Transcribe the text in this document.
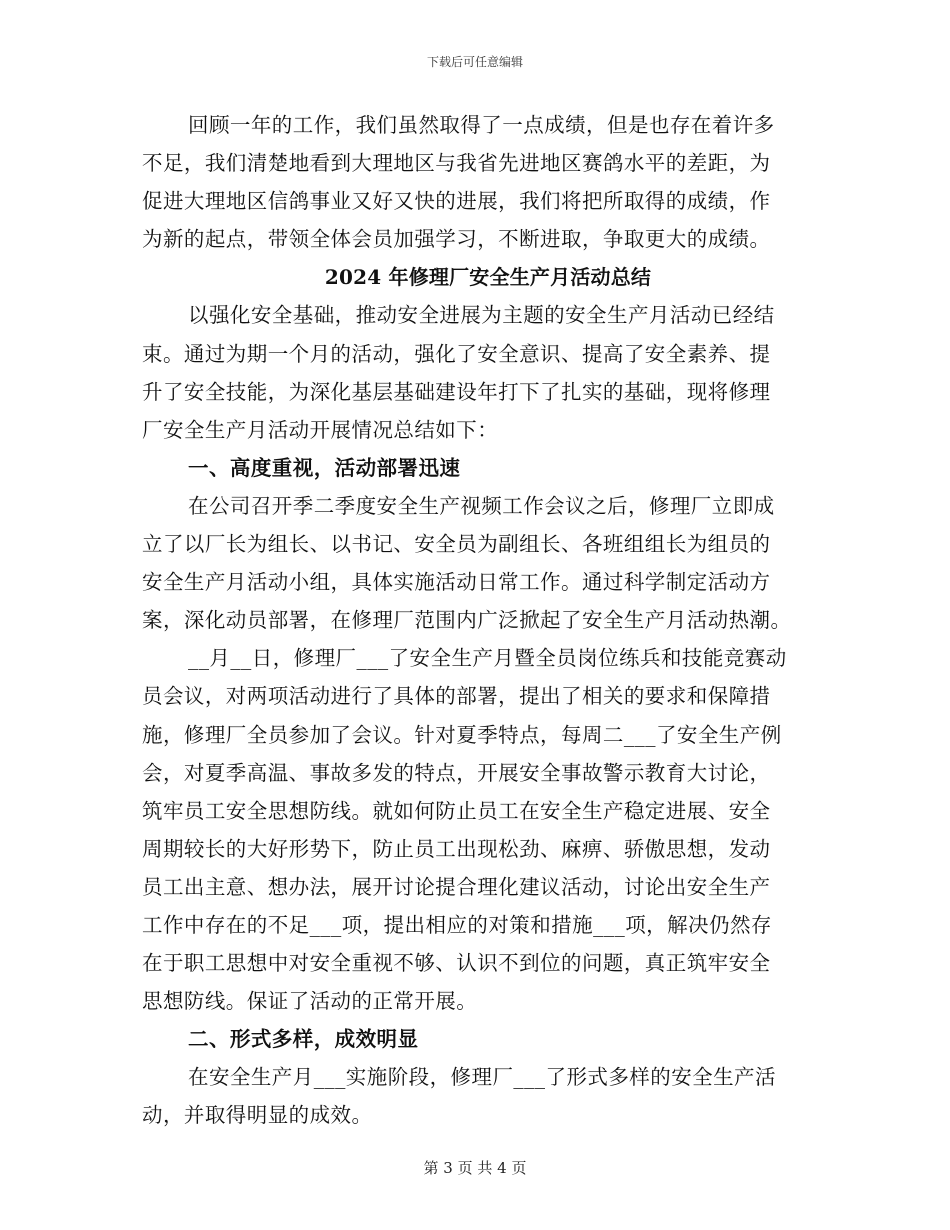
下载后可任意编辑
回顾一年的工作，我们虽然取得了一点成绩，但是也存在着许多
不足，我们清楚地看到大理地区与我省先进地区赛鸽水平的差距，为
促进大理地区信鸽事业又好又快的进展，我们将把所取得的成绩，作
为新的起点，带领全体会员加强学习，不断进取，争取更大的成绩。
2024 年修理厂安全生产月活动总结
以强化安全基础，推动安全进展为主题的安全生产月活动已经结
束。通过为期一个月的活动，强化了安全意识、提高了安全素养、提
升了安全技能，为深化基层基础建设年打下了扎实的基础，现将修理
厂安全生产月活动开展情况总结如下：
一、高度重视，活动部署迅速
在公司召开季二季度安全生产视频工作会议之后，修理厂立即成
立了以厂长为组长、以书记、安全员为副组长、各班组组长为组员的
安全生产月活动小组，具体实施活动日常工作。通过科学制定活动方
案，深化动员部署，在修理厂范围内广泛掀起了安全生产月活动热潮。
__月__日，修理厂___了安全生产月暨全员岗位练兵和技能竞赛动
员会议，对两项活动进行了具体的部署，提出了相关的要求和保障措
施，修理厂全员参加了会议。针对夏季特点，每周二___了安全生产例
会，对夏季高温、事故多发的特点，开展安全事故警示教育大讨论，
筑牢员工安全思想防线。就如何防止员工在安全生产稳定进展、安全
周期较长的大好形势下，防止员工出现松劲、麻痹、骄傲思想，发动
员工出主意、想办法，展开讨论提合理化建议活动，讨论出安全生产
工作中存在的不足___项，提出相应的对策和措施___项，解决仍然存
在于职工思想中对安全重视不够、认识不到位的问题，真正筑牢安全
思想防线。保证了活动的正常开展。
二、形式多样，成效明显
在安全生产月___实施阶段，修理厂___了形式多样的安全生产活
动，并取得明显的成效。
第 3 页 共 4 页
